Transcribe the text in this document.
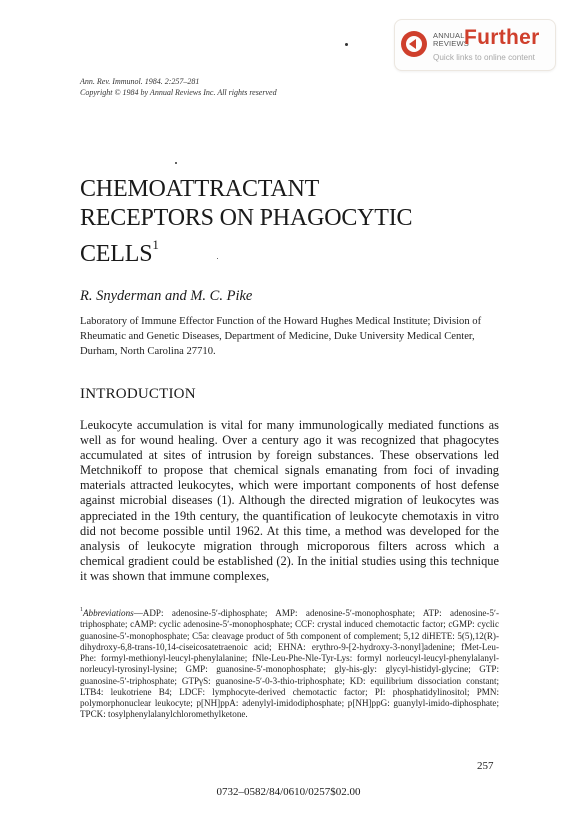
ANNUAL REVIEWS
Further
Quick links to online content
Ann. Rev. Immunol. 1984. 2:257–281
Copyright © 1984 by Annual Reviews Inc. All rights reserved
CHEMOATTRACTANT
RECEPTORS ON PHAGOCYTIC
CELLS$^1$
R. Snyderman and M. C. Pike
Laboratory of Immune Effector Function of the Howard Hughes Medical Institute; Division of Rheumatic and Genetic Diseases, Department of Medicine, Duke University Medical Center, Durham, North Carolina 27710.
INTRODUCTION

Leukocyte accumulation is vital for many immunologically mediated functions as well as for wound healing. Over a century ago it was recognized that phagocytes accumulated at sites of intrusion by foreign substances. These observations led Metchnikoff to propose that chemical signals emanating from foci of invading materials attracted leukocytes, which were important components of host defense against microbial diseases (1). Although the directed migration of leukocytes was appreciated in the 19th century, the quantification of leukocyte chemotaxis in vitro did not become possible until 1962. At this time, a method was developed for the analysis of leukocyte migration through microporous filters across which a chemical gradient could be established (2). In the initial studies using this technique it was shown that immune complexes,

$^1$Abbreviations—ADP: adenosine-5ʹ-diphosphate; AMP: adenosine-5ʹ-monophosphate; ATP: adenosine-5ʹ-triphosphate; cAMP: cyclic adenosine-5ʹ-monophosphate; CCF: crystal induced chemotactic factor; cGMP: cyclic guanosine-5ʹ-monophosphate; C5a: cleavage product of 5th component of complement; 5,12 diHETE: 5(5),12(R)-dihydroxy-6,8-trans-10,14-ciseicosatetraenoic acid; EHNA: erythro-9-[2-hydroxy-3-nonyl]adenine; fMet-Leu-Phe: formyl-methionyl-leucyl-phenylalanine; fNle-Leu-Phe-Nle-Tyr-Lys: formyl norleucyl-leucyl-phenylalanyl-norleucyl-tyrosinyl-lysine; GMP: guanosine-5ʹ-monophosphate; gly-his-gly: glycyl-histidyl-glycine; GTP: guanosine-5ʹ-triphosphate; GTPγS: guanosine-5ʹ-0-3-thio-triphosphate; KD: equilibrium dissociation constant; LTB4: leukotriene B4; LDCF: lymphocyte-derived chemotactic factor; PI: phosphatidylinositol; PMN: polymorphonuclear leukocyte; p[NH]ppA: adenylyl-imidodiphosphate; p[NH]ppG: guanylyl-imido-diphosphate; TPCK: tosylphenylalanylchloromethylketone.

257
0732–0582/84/0610/0257$02.00
